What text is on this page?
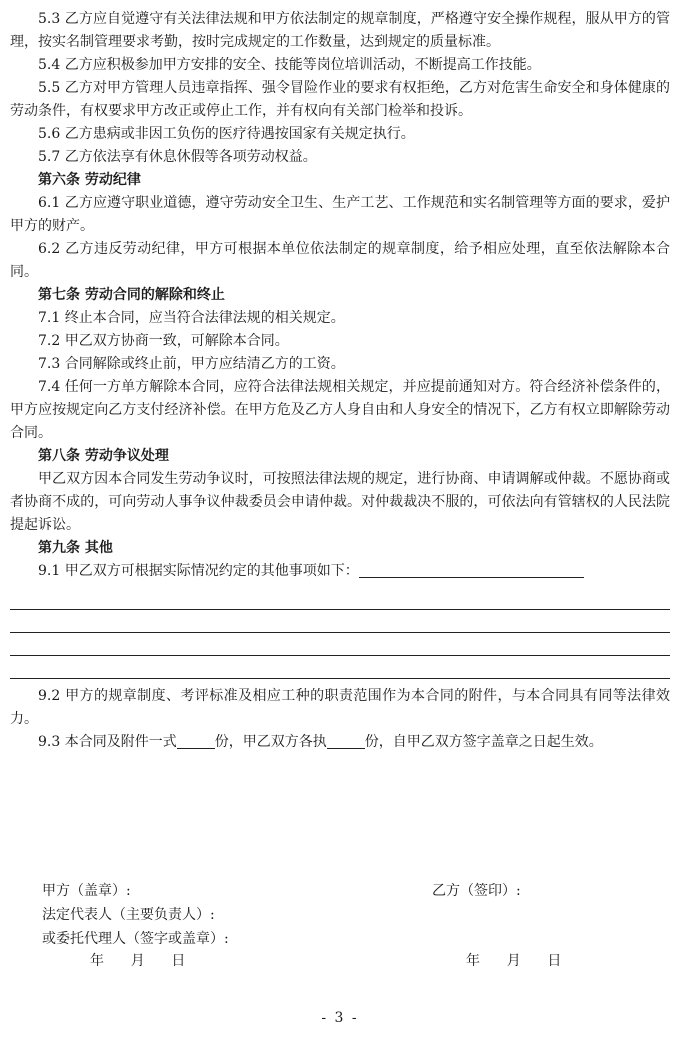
5.3 乙方应自觉遵守有关法律法规和甲方依法制定的规章制度，严格遵守安全操作规程，服从甲方的管理，按实名制管理要求考勤，按时完成规定的工作数量，达到规定的质量标准。

5.4 乙方应积极参加甲方安排的安全、技能等岗位培训活动，不断提高工作技能。

5.5 乙方对甲方管理人员违章指挥、强令冒险作业的要求有权拒绝，乙方对危害生命安全和身体健康的劳动条件，有权要求甲方改正或停止工作，并有权向有关部门检举和投诉。

5.6 乙方患病或非因工负伤的医疗待遇按国家有关规定执行。

5.7 乙方依法享有休息休假等各项劳动权益。

第六条 劳动纪律

6.1 乙方应遵守职业道德，遵守劳动安全卫生、生产工艺、工作规范和实名制管理等方面的要求，爱护甲方的财产。

6.2 乙方违反劳动纪律，甲方可根据本单位依法制定的规章制度，给予相应处理，直至依法解除本合同。

第七条 劳动合同的解除和终止

7.1 终止本合同，应当符合法律法规的相关规定。

7.2 甲乙双方协商一致，可解除本合同。

7.3 合同解除或终止前，甲方应结清乙方的工资。

7.4 任何一方单方解除本合同，应符合法律法规相关规定，并应提前通知对方。符合经济补偿条件的，甲方应按规定向乙方支付经济补偿。在甲方危及乙方人身自由和人身安全的情况下，乙方有权立即解除劳动合同。

第八条 劳动争议处理

甲乙双方因本合同发生劳动争议时，可按照法律法规的规定，进行协商、申请调解或仲裁。不愿协商或者协商不成的，可向劳动人事争议仲裁委员会申请仲裁。对仲裁裁决不服的，可依法向有管辖权的人民法院提起诉讼。

第九条 其他

9.1 甲乙双方可根据实际情况约定的其他事项如下：

9.2 甲方的规章制度、考评标准及相应工种的职责范围作为本合同的附件，与本合同具有同等法律效力。

9.3 本合同及附件一式	份，甲乙双方各执	份，自甲乙双方签字盖章之日起生效。

甲方（盖章）:	乙方（签印）:
法定代表人（主要负责人）:
或委托代理人（签字或盖章）:
年      月      日	年      月      日
- 3 -
